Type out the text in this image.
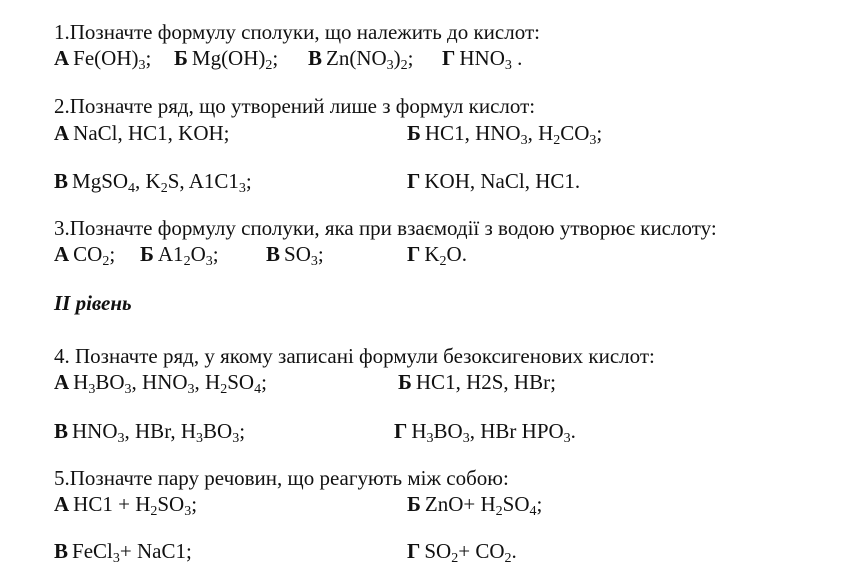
1.Позначте формулу сполуки, що належить до кислот:
А $Fe(OH)_3$; Б $Mg(OH)_2$; В $Zn(NO_3)_2$; Г $HNO_3$ .
2.Позначте ряд, що утворений лише з формул кислот:
А NaCl, HC1, KOH;	Б HC1, $HNO_3$, $H_2CO_3$;
В MgSO$_4$, $K_2S$, $A1C1_3$;	Г KOH, NaCl, HC1.
3.Позначте формулу сполуки, яка при взаємодії з водою утворює кислоту:
А $CO_2$; Б $A1_2O_3$; В $SO_3$;	Г $K_2O$.
II рівень
4. Позначте ряд, у якому записані формули безоксигенових кислот:
А $H_3BO_3$, $HNO_3$, $H_2SO_4$;	Б HC1, H2S, HBr;
В $HNO_3$, HBr, $H_3BO_3$;	Г $H_3BO_3$, HBr $HPO_3$.
5.Позначте пару речовин, що реагують між собою:
А $HC1 + H_2SO_3$;	Б $ZnO+ H_2SO_4$;
В FeCl$_3$+ NaC1;	Г $SO_2+ CO_2$.
